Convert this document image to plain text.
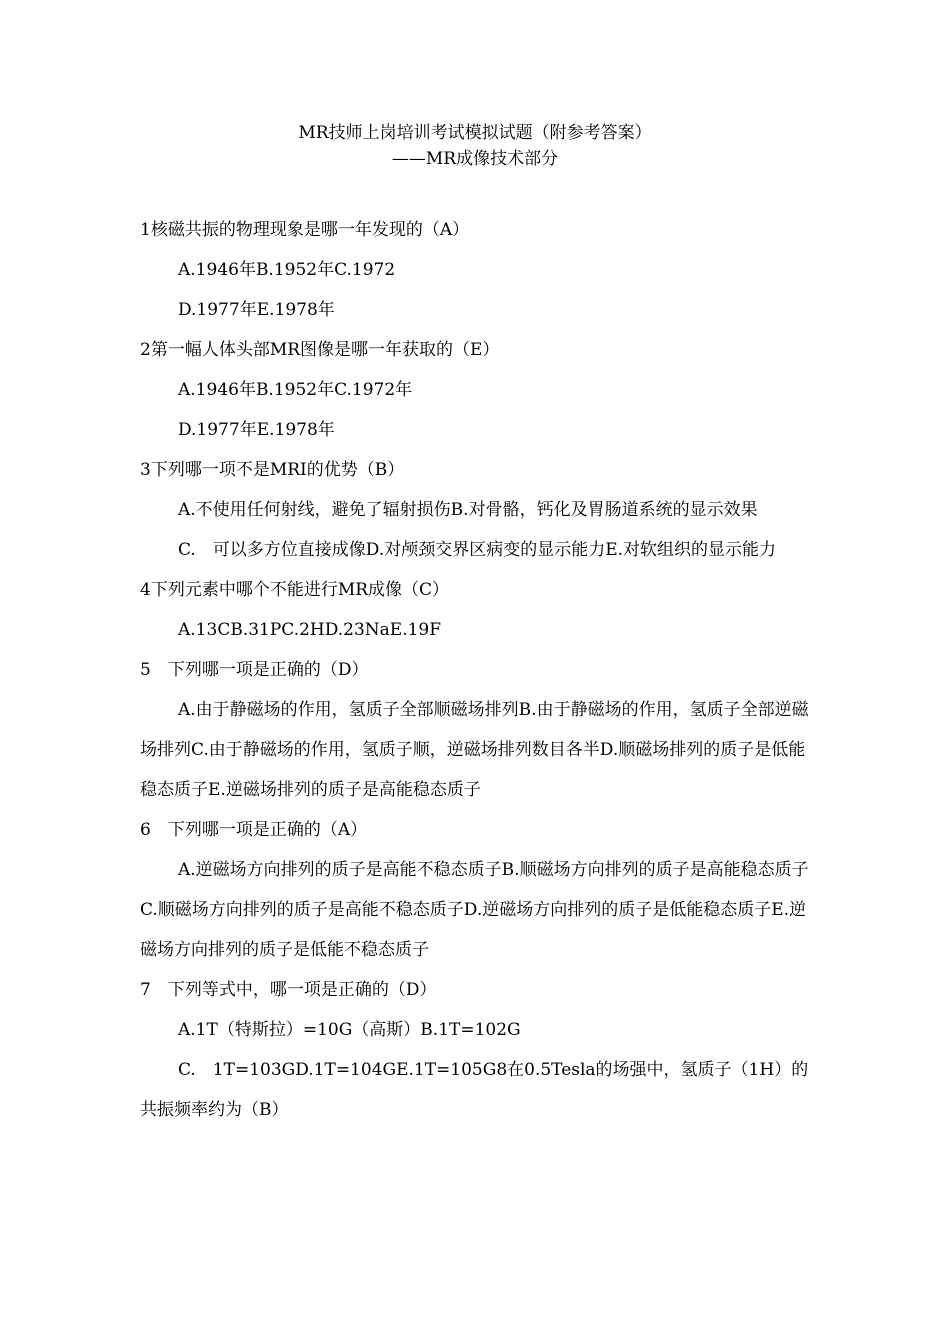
MR技师上岗培训考试模拟试题（附参考答案）
——MR成像技术部分

1核磁共振的物理现象是哪一年发现的（A）

A.1946年B.1952年C.1972

D.1977年E.1978年

2第一幅人体头部MR图像是哪一年获取的（E）

A.1946年B.1952年C.1972年

D.1977年E.1978年

3下列哪一项不是MRI的优势（B）

A.不使用任何射线，避免了辐射损伤B.对骨骼，钙化及胃肠道系统的显示效果

C.　可以多方位直接成像D.对颅颈交界区病变的显示能力E.对软组织的显示能力

4下列元素中哪个不能进行MR成像（C）

A.13CB.31PC.2HD.23NaE.19F

5　下列哪一项是正确的（D）

A.由于静磁场的作用，氢质子全部顺磁场排列B.由于静磁场的作用，氢质子全部逆磁场排列C.由于静磁场的作用，氢质子顺，逆磁场排列数目各半D.顺磁场排列的质子是低能稳态质子E.逆磁场排列的质子是高能稳态质子

6　下列哪一项是正确的（A）

A.逆磁场方向排列的质子是高能不稳态质子B.顺磁场方向排列的质子是高能稳态质子C.顺磁场方向排列的质子是高能不稳态质子D.逆磁场方向排列的质子是低能稳态质子E.逆磁场方向排列的质子是低能不稳态质子

7　下列等式中，哪一项是正确的（D）

A.1T（特斯拉）=10G（高斯）B.1T=102G

C.　1T=103GD.1T=104GE.1T=105G8在0.5Tesla的场强中，氢质子（1H）的共振频率约为（B）
